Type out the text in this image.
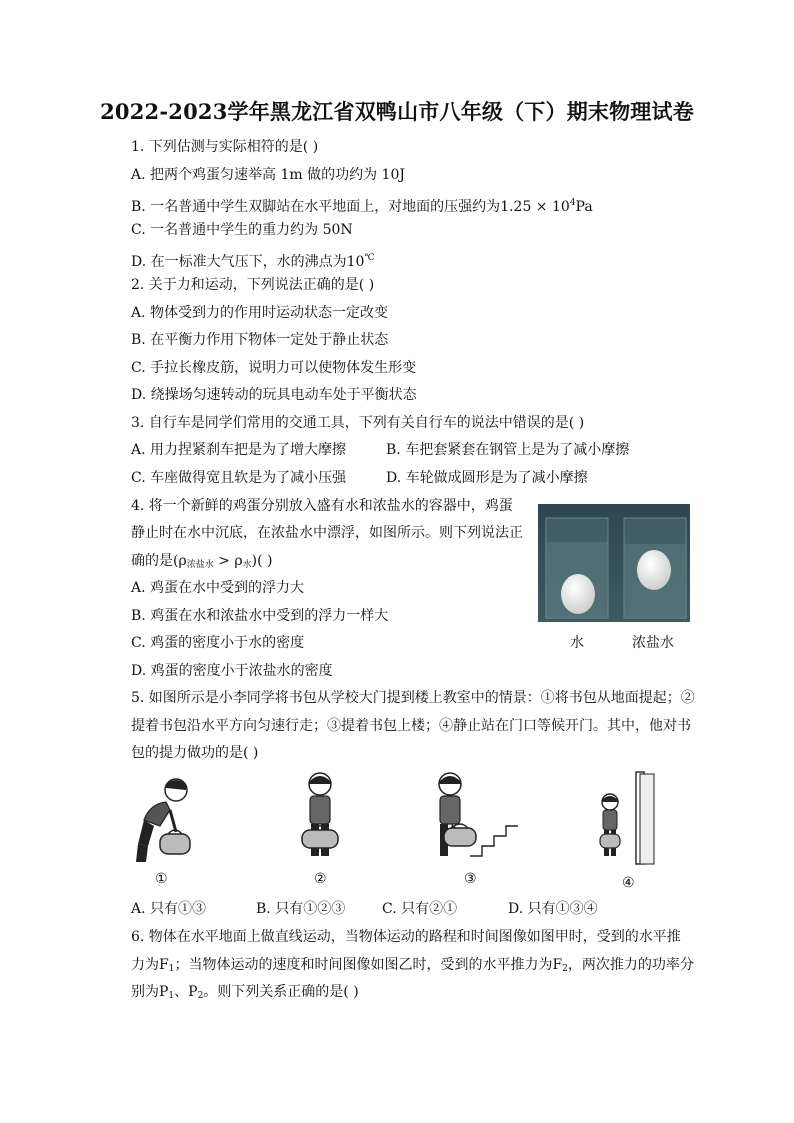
2022-2023学年黑龙江省双鸭山市八年级（下）期末物理试卷
1. 下列估测与实际相符的是( )
A. 把两个鸡蛋匀速举高 1m 做的功约为 10J
B. 一名普通中学生双脚站在水平地面上，对地面的压强约为$1.25 \times 10^4Pa$
C. 一名普通中学生的重力约为 50N
D. 在一标准大气压下，水的沸点为10℃
2. 关于力和运动，下列说法正确的是( )
A. 物体受到力的作用时运动状态一定改变
B. 在平衡力作用下物体一定处于静止状态
C. 手拉长橡皮筋，说明力可以使物体发生形变
D. 绕操场匀速转动的玩具电动车处于平衡状态
3. 自行车是同学们常用的交通工具，下列有关自行车的说法中错误的是( )
A. 用力捏紧刹车把是为了增大摩擦	B. 车把套紧套在钢管上是为了减小摩擦
C. 车座做得宽且软是为了减小压强	D. 车轮做成圆形是为了减小摩擦
4. 将一个新鲜的鸡蛋分别放入盛有水和浓盐水的容器中，鸡蛋
静止时在水中沉底，在浓盐水中漂浮，如图所示。则下列说法正
确的是$(\rho_{浓盐水} > \rho_水)$( )
A. 鸡蛋在水中受到的浮力大
B. 鸡蛋在水和浓盐水中受到的浮力一样大
C. 鸡蛋的密度小于水的密度
D. 鸡蛋的密度小于浓盐水的密度
水	浓盐水
5. 如图所示是小李同学将书包从学校大门提到楼上教室中的情景：①将书包从地面提起；②
提着书包沿水平方向匀速行走；③提着书包上楼；④静止站在门口等候开门。其中，他对书
包的提力做功的是( )
①	②	③	④
A. 只有①③	B. 只有①②③	C. 只有②①	D. 只有①③④
6. 物体在水平地面上做直线运动，当物体运动的路程和时间图像如图甲时，受到的水平推
力为$F_1$；当物体运动的速度和时间图像如图乙时，受到的水平推力为$F_2$，两次推力的功率分
别为$P_1$、$P_2$。则下列关系正确的是( )
